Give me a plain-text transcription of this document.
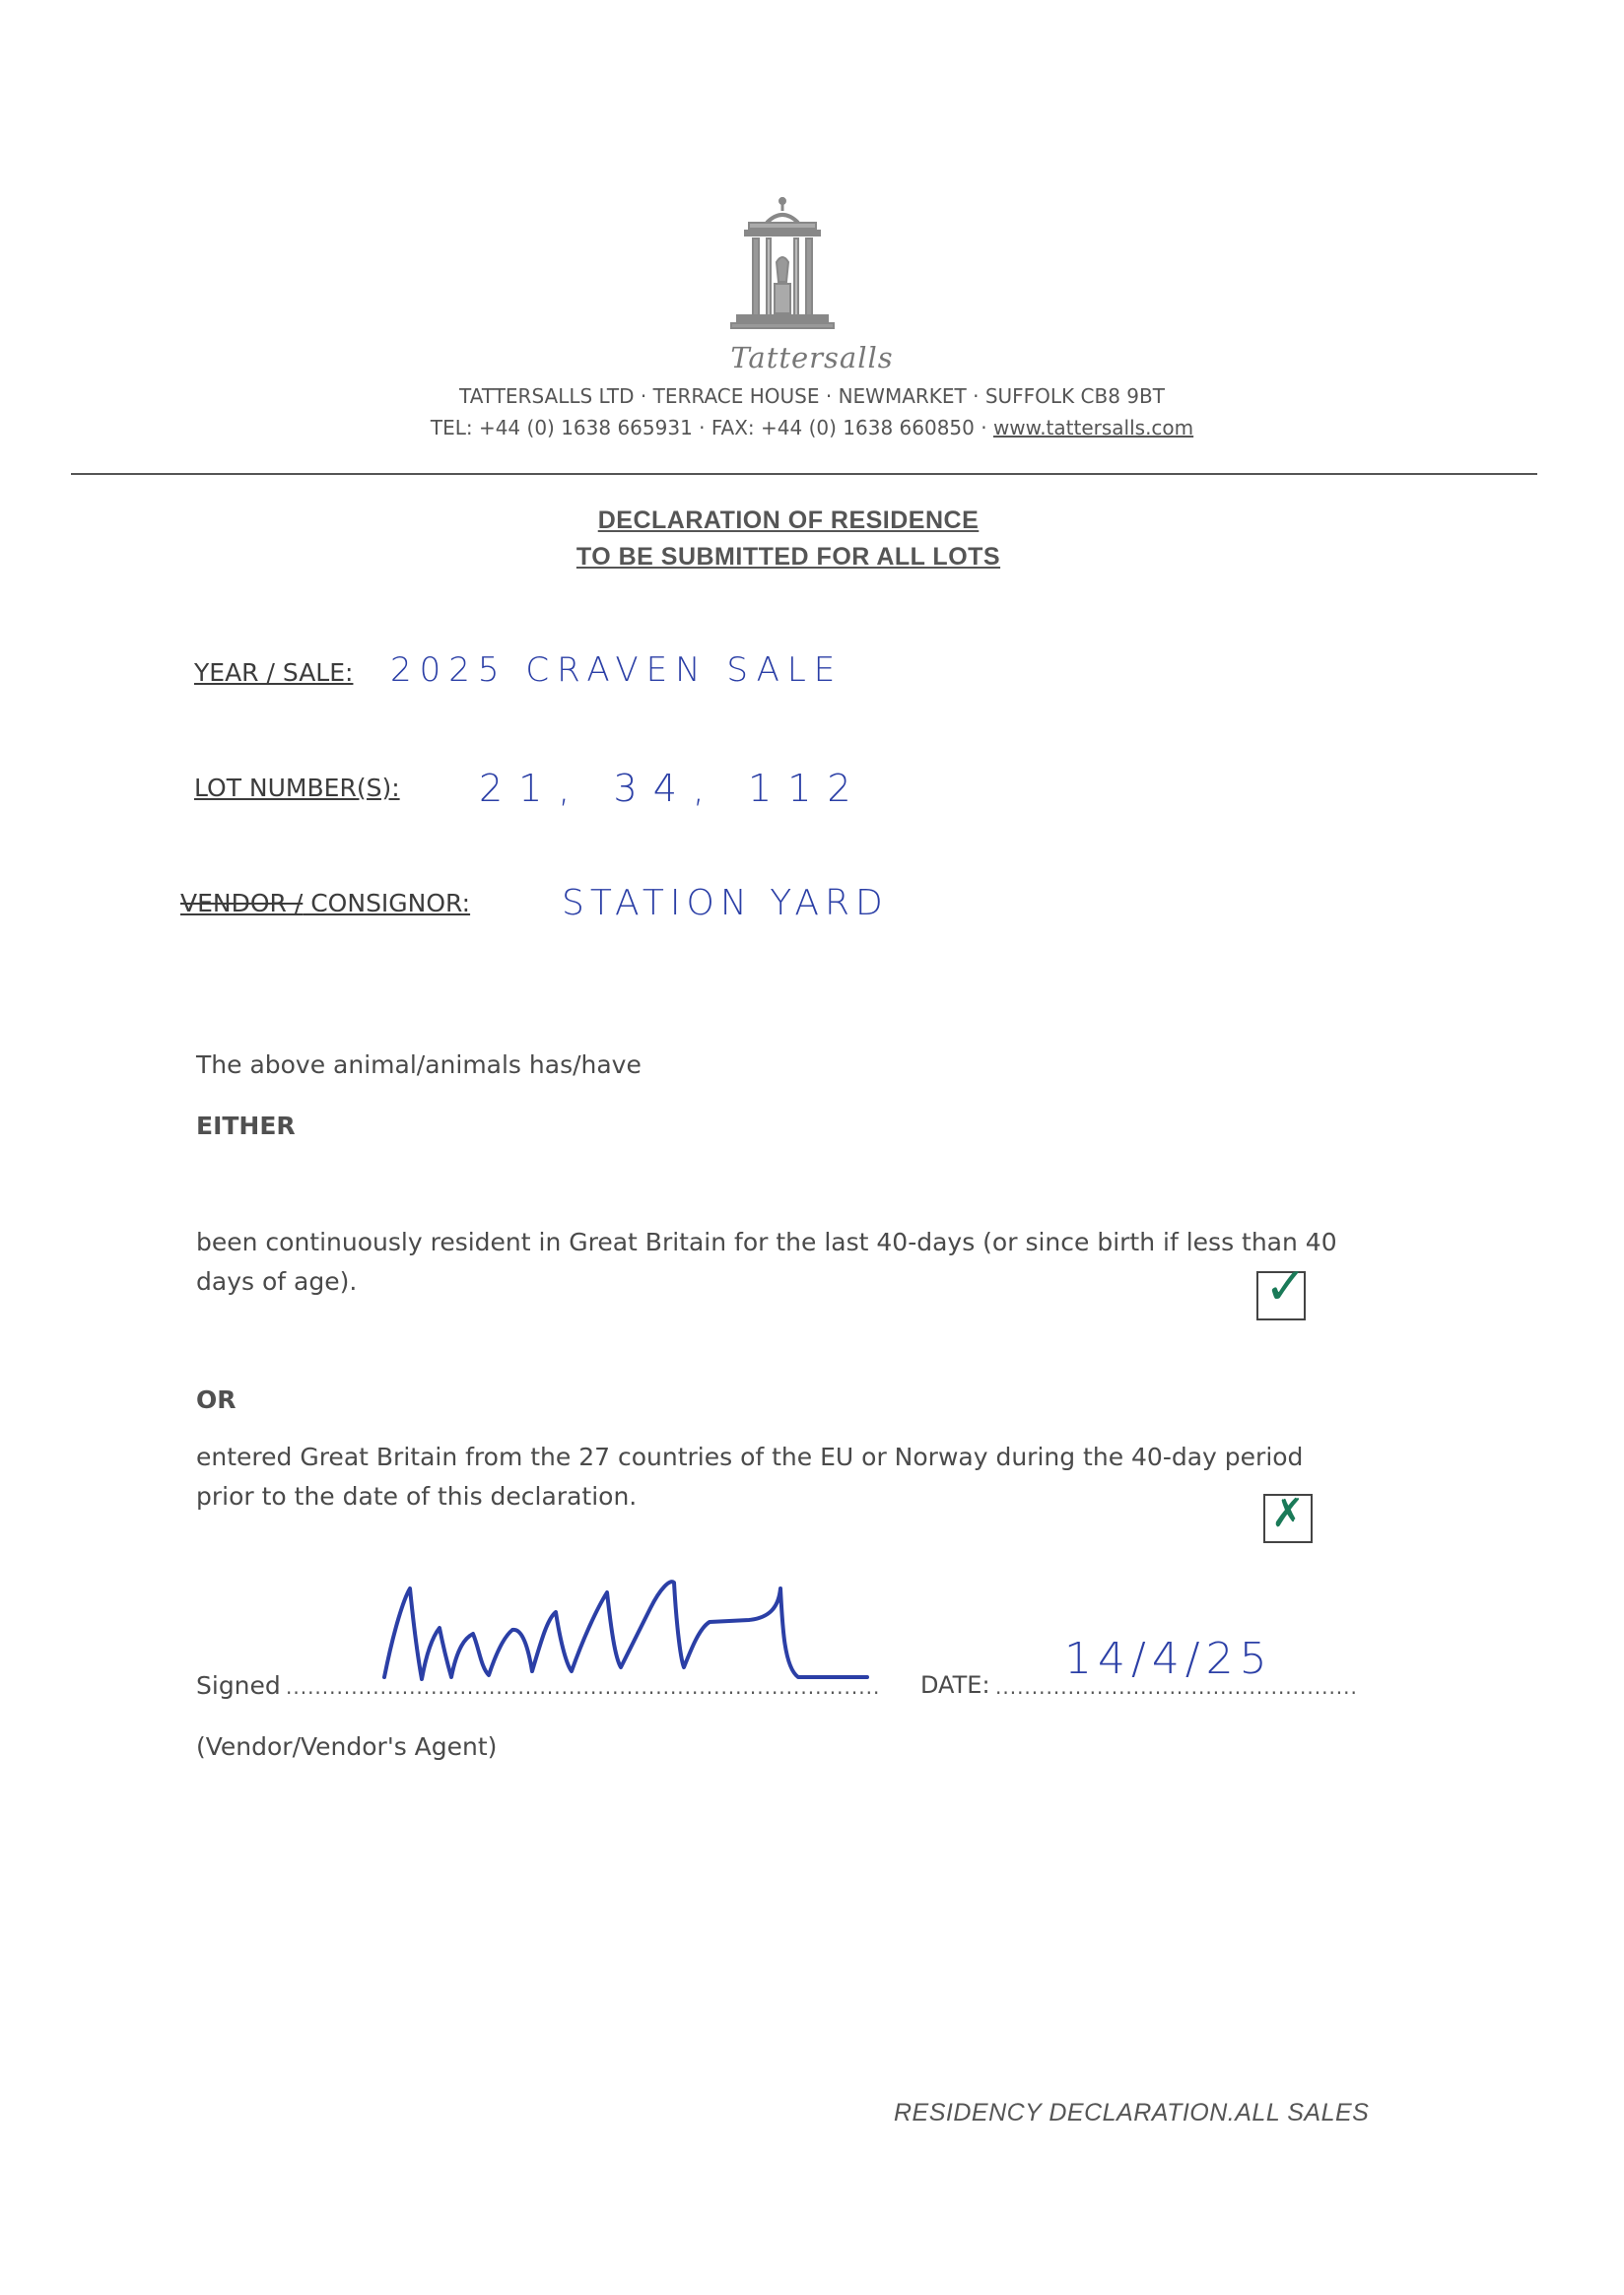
Tattersalls
TATTERSALLS LTD · TERRACE HOUSE · NEWMARKET · SUFFOLK CB8 9BT
TEL: +44 (0) 1638 665931 · FAX: +44 (0) 1638 660850 · www.tattersalls.com
DECLARATION OF RESIDENCE
TO BE SUBMITTED FOR ALL LOTS
YEAR / SALE: 2025 CRAVEN SALE
LOT NUMBER(S): 21, 34, 112
VENDOR / CONSIGNOR:	STATION YARD
The above animal/animals has/have
EITHER
been continuously resident in Great Britain for the last 40-days (or since birth if less than 40
days of age).	✓
OR
entered Great Britain from the 27 countries of the EU or Norway during the 40-day period
prior to the date of this declaration.	✗
Signed .................................................................................. DATE: ..................................................
14/4/25
(Vendor/Vendor's Agent)
RESIDENCY DECLARATION.ALL SALES
